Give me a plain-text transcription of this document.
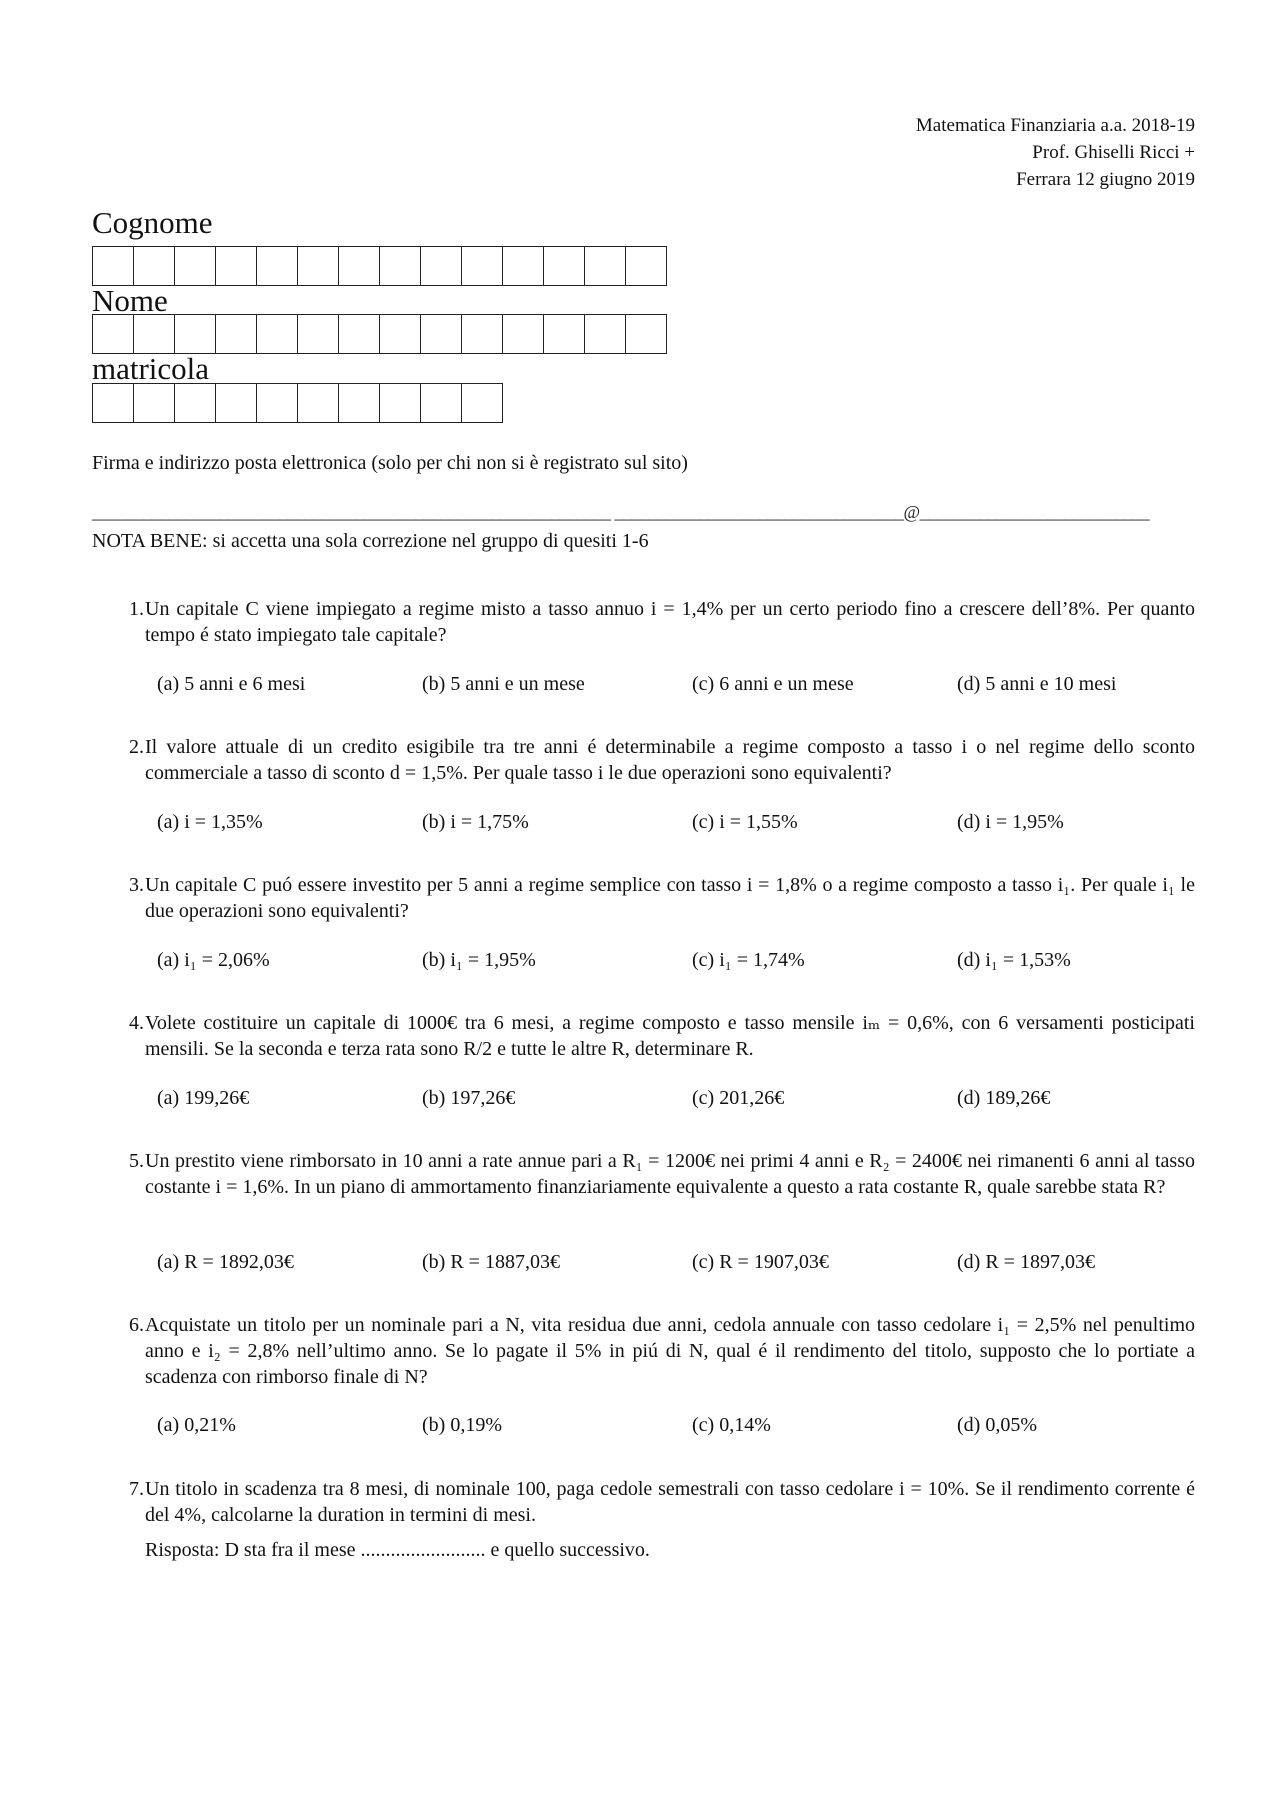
Matematica Finanziaria a.a. 2018-19
Prof. Ghiselli Ricci +
Ferrara 12 giugno 2019
Cognome
Nome
matricola
Firma e indirizzo posta elettronica (solo per chi non si è registrato sul sito)
_____________________________________________________________ __________________________________@___________________________
NOTA BENE: si accetta una sola correzione nel gruppo di quesiti 1-6
1. Un capitale C viene impiegato a regime misto a tasso annuo i = 1,4% per un certo periodo fino a crescere dell’8%. Per quanto tempo é stato impiegato tale capitale?
(a) 5 anni e 6 mesi	(b) 5 anni e un mese	(c) 6 anni e un mese	(d) 5 anni e 10 mesi
2. Il valore attuale di un credito esigibile tra tre anni é determinabile a regime composto a tasso i o nel regime dello sconto commerciale a tasso di sconto d = 1,5%. Per quale tasso i le due operazioni sono equivalenti?
(a) i = 1,35%	(b) i = 1,75%	(c) i = 1,55%	(d) i = 1,95%
3. Un capitale C puó essere investito per 5 anni a regime semplice con tasso i = 1,8% o a regime composto a tasso i₁. Per quale i₁ le due operazioni sono equivalenti?
(a) i₁ = 2,06%	(b) i₁ = 1,95%	(c) i₁ = 1,74%	(d) i₁ = 1,53%
4. Volete costituire un capitale di 1000€ tra 6 mesi, a regime composto e tasso mensile iₘ = 0,6%, con 6 versamenti posticipati mensili. Se la seconda e terza rata sono R/2 e tutte le altre R, determinare R.
(a) 199,26€	(b) 197,26€	(c) 201,26€	(d) 189,26€
5. Un prestito viene rimborsato in 10 anni a rate annue pari a R₁ = 1200€ nei primi 4 anni e R₂ = 2400€ nei rimanenti 6 anni al tasso costante i = 1,6%. In un piano di ammortamento finanziariamente equivalente a questo a rata costante R, quale sarebbe stata R?
(a) R = 1892,03€	(b) R = 1887,03€	(c) R = 1907,03€	(d) R = 1897,03€
6. Acquistate un titolo per un nominale pari a N, vita residua due anni, cedola annuale con tasso cedolare i₁ = 2,5% nel penultimo anno e i₂ = 2,8% nell’ultimo anno. Se lo pagate il 5% in piú di N, qual é il rendimento del titolo, supposto che lo portiate a scadenza con rimborso finale di N?
(a) 0,21%	(b) 0,19%	(c) 0,14%	(d) 0,05%
7. Un titolo in scadenza tra 8 mesi, di nominale 100, paga cedole semestrali con tasso cedolare i = 10%. Se il rendimento corrente é del 4%, calcolarne la duration in termini di mesi.
Risposta: D sta fra il mese ......................... e quello successivo.
